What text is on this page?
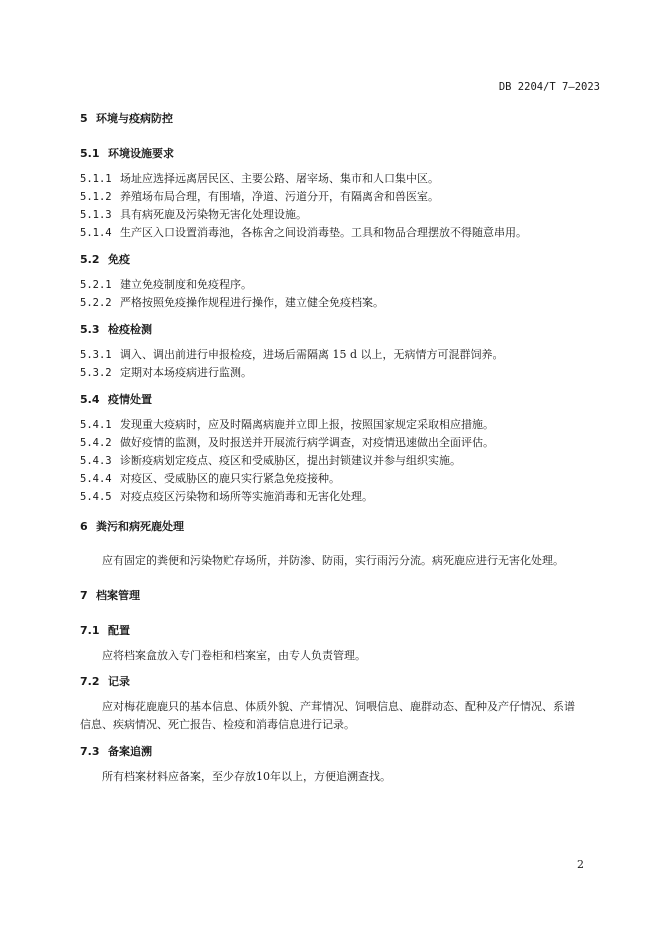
DB 2204/T 7—2023
5 环境与疫病防控
5.1 环境设施要求
5.1.1 场址应选择远离居民区、主要公路、屠宰场、集市和人口集中区。
5.1.2 养殖场布局合理，有围墙，净道、污道分开，有隔离舍和兽医室。
5.1.3 具有病死鹿及污染物无害化处理设施。
5.1.4 生产区入口设置消毒池，各栋舍之间设消毒垫。工具和物品合理摆放不得随意串用。
5.2 免疫
5.2.1 建立免疫制度和免疫程序。
5.2.2 严格按照免疫操作规程进行操作，建立健全免疫档案。
5.3 检疫检测
5.3.1 调入、调出前进行申报检疫，进场后需隔离 15 d 以上，无病情方可混群饲养。
5.3.2 定期对本场疫病进行监测。
5.4 疫情处置
5.4.1 发现重大疫病时，应及时隔离病鹿并立即上报，按照国家规定采取相应措施。
5.4.2 做好疫情的监测，及时报送并开展流行病学调查，对疫情迅速做出全面评估。
5.4.3 诊断疫病划定疫点、疫区和受威胁区，提出封锁建议并参与组织实施。
5.4.4 对疫区、受威胁区的鹿只实行紧急免疫接种。
5.4.5 对疫点疫区污染物和场所等实施消毒和无害化处理。
6 粪污和病死鹿处理
应有固定的粪便和污染物贮存场所，并防渗、防雨，实行雨污分流。病死鹿应进行无害化处理。
7 档案管理
7.1 配置
应将档案盒放入专门卷柜和档案室，由专人负责管理。
7.2 记录
应对梅花鹿鹿只的基本信息、体质外貌、产茸情况、饲喂信息、鹿群动态、配种及产仔情况、系谱
信息、疾病情况、死亡报告、检疫和消毒信息进行记录。
7.3 备案追溯
所有档案材料应备案，至少存放10年以上，方便追溯查找。
2
